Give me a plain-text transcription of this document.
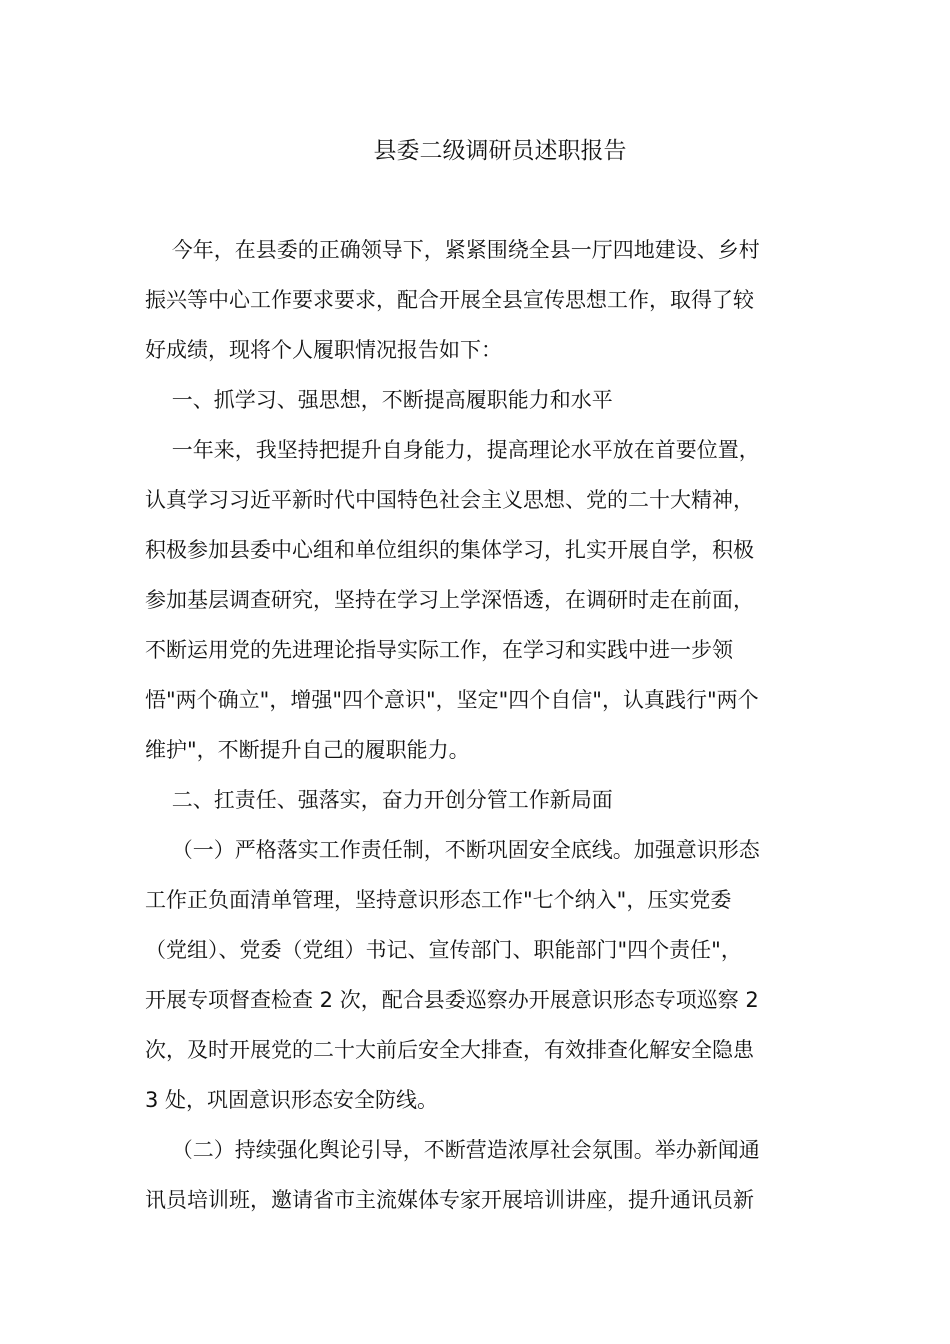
县委二级调研员述职报告

今年，在县委的正确领导下，紧紧围绕全县一厅四地建设、乡村

振兴等中心工作要求要求，配合开展全县宣传思想工作，取得了较

好成绩，现将个人履职情况报告如下：

一、抓学习、强思想，不断提高履职能力和水平

一年来，我坚持把提升自身能力，提高理论水平放在首要位置，

认真学习习近平新时代中国特色社会主义思想、党的二十大精神，

积极参加县委中心组和单位组织的集体学习，扎实开展自学，积极

参加基层调查研究，坚持在学习上学深悟透，在调研时走在前面，

不断运用党的先进理论指导实际工作，在学习和实践中进一步领

悟"两个确立"，增强"四个意识"，坚定"四个自信"，认真践行"两个

维护"，不断提升自己的履职能力。

二、扛责任、强落实，奋力开创分管工作新局面

（一）严格落实工作责任制，不断巩固安全底线。加强意识形态

工作正负面清单管理，坚持意识形态工作"七个纳入"，压实党委

（党组）、党委（党组）书记、宣传部门、职能部门"四个责任"，

开展专项督查检查 2 次，配合县委巡察办开展意识形态专项巡察 2

次，及时开展党的二十大前后安全大排查，有效排查化解安全隐患

3 处，巩固意识形态安全防线。

（二）持续强化舆论引导，不断营造浓厚社会氛围。举办新闻通

讯员培训班，邀请省市主流媒体专家开展培训讲座，提升通讯员新
